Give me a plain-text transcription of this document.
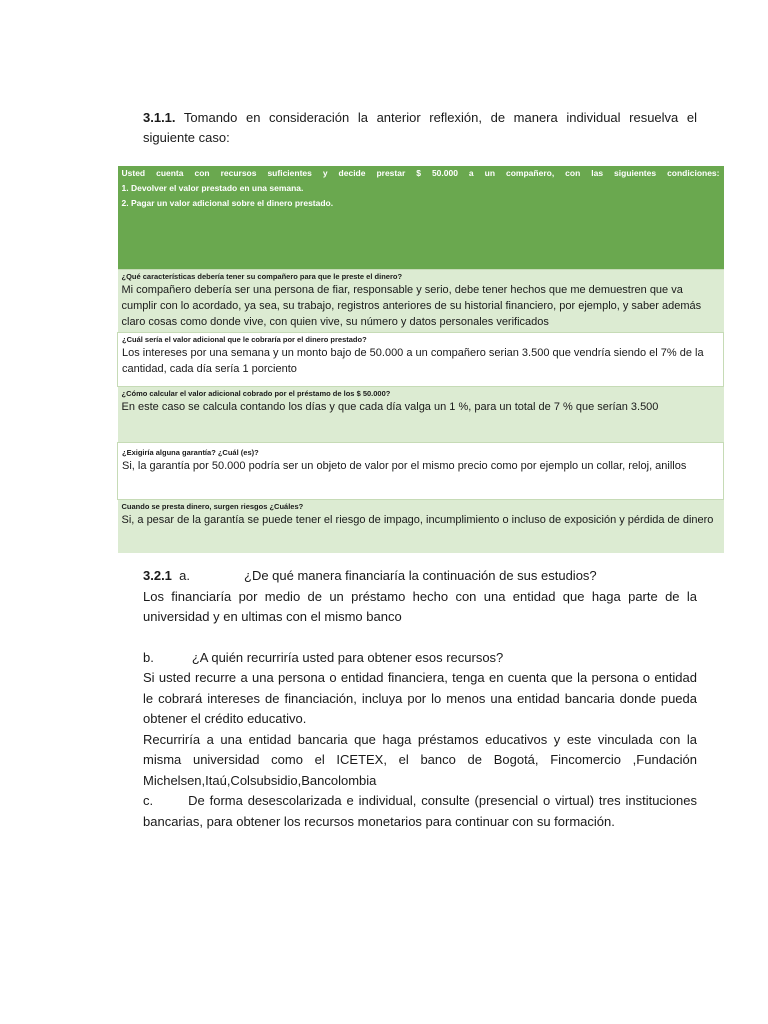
3.1.1. Tomando en consideración la anterior reflexión, de manera individual resuelva el siguiente caso:
Usted cuenta con recursos suficientes y decide prestar $ 50.000 a un compañero, con las siguientes condiciones:
1. Devolver el valor prestado en una semana.
2. Pagar un valor adicional sobre el dinero prestado.

¿Qué características debería tener su compañero para que le preste el dinero?
Mi compañero debería ser una persona de fiar, responsable y serio, debe tener hechos que me demuestren que va cumplir con lo acordado, ya sea, su trabajo, registros anteriores de su historial financiero, por ejemplo, y saber además claro cosas como donde vive, con quien vive, su número y datos personales verificados

¿Cuál sería el valor adicional que le cobraría por el dinero prestado?
Los intereses por una semana y un monto bajo de 50.000 a un compañero serian 3.500 que vendría siendo el 7% de la cantidad, cada día sería 1 porciento

¿Cómo calcular el valor adicional cobrado por el préstamo de los $ 50.000?
En este caso se calcula contando los días y que cada día valga un 1 %, para un total de 7 % que serían 3.500

¿Exigiría alguna garantía? ¿Cuál (es)?
Si, la garantía por 50.000 podría ser un objeto de valor por el mismo precio como por ejemplo un collar, reloj, anillos

Cuando se presta dinero, surgen riesgos ¿Cuáles?
Si, a pesar de la garantía se puede tener el riesgo de impago, incumplimiento o incluso de exposición y pérdida de dinero

3.2.1 a.	¿De qué manera financiaría la continuación de sus estudios?

Los financiaría por medio de un préstamo hecho con una entidad que haga parte de la universidad y en ultimas con el mismo banco

b.	¿A quién recurriría usted para obtener esos recursos?

Si usted recurre a una persona o entidad financiera, tenga en cuenta que la persona o entidad le cobrará intereses de financiación, incluya por lo menos una entidad bancaria donde pueda obtener el crédito educativo.

Recurriría a una entidad bancaria que haga préstamos educativos y este vinculada con la misma universidad como el ICETEX, el banco de Bogotá, Fincomercio ,Fundación Michelsen,Itaú,Colsubsidio,Bancolombia

c.	De forma desescolarizada e individual, consulte (presencial o virtual) tres instituciones bancarias, para obtener los recursos monetarios para continuar con su formación.
